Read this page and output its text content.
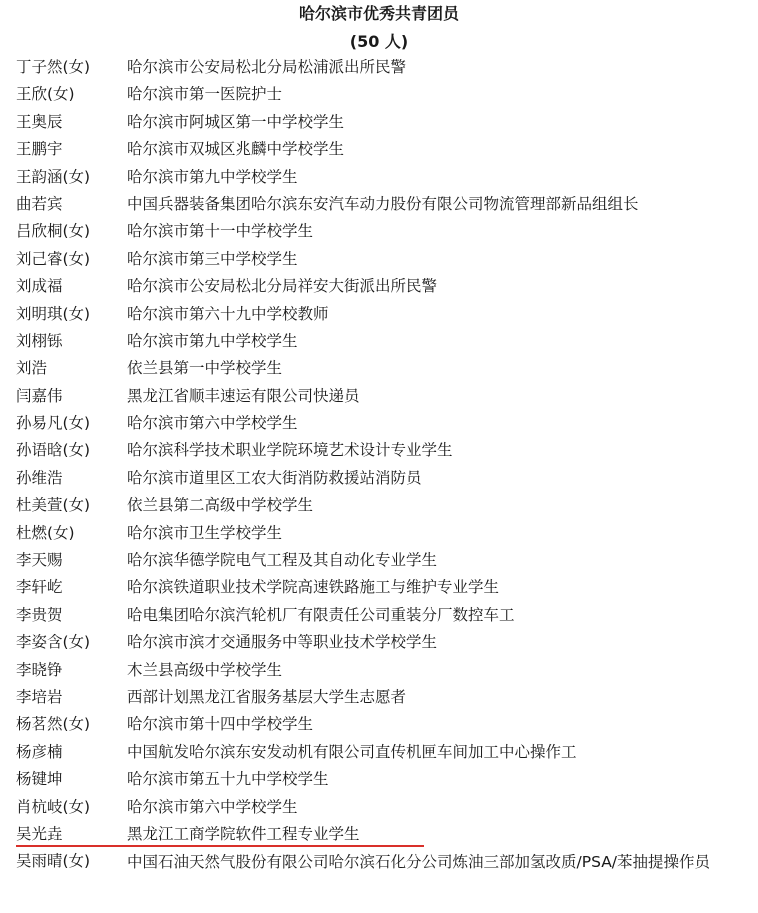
哈尔滨市优秀共青团员
(50 人)
丁子然(女) 哈尔滨市公安局松北分局松浦派出所民警
王欣(女)	哈尔滨市第一医院护士
王奥辰	哈尔滨市阿城区第一中学校学生
王鹏宇	哈尔滨市双城区兆麟中学校学生
王韵涵(女) 哈尔滨市第九中学校学生
曲若宾	中国兵器装备集团哈尔滨东安汽车动力股份有限公司物流管理部新品组组长
吕欣桐(女) 哈尔滨市第十一中学校学生
刘己睿(女) 哈尔滨市第三中学校学生
刘成福	哈尔滨市公安局松北分局祥安大街派出所民警
刘明琪(女) 哈尔滨市第六十九中学校教师
刘栩铄	哈尔滨市第九中学校学生
刘浩	依兰县第一中学校学生
闫嘉伟	黑龙江省顺丰速运有限公司快递员
孙易凡(女) 哈尔滨市第六中学校学生
孙语晗(女) 哈尔滨科学技术职业学院环境艺术设计专业学生
孙维浩	哈尔滨市道里区工农大街消防救援站消防员
杜美萱(女) 依兰县第二高级中学校学生
杜燃(女)	哈尔滨市卫生学校学生
李天赐	哈尔滨华德学院电气工程及其自动化专业学生
李轩屹	哈尔滨铁道职业技术学院高速铁路施工与维护专业学生
李贵贺	哈电集团哈尔滨汽轮机厂有限责任公司重装分厂数控车工
李姿含(女) 哈尔滨市滨才交通服务中等职业技术学校学生
李晓铮	木兰县高级中学校学生
李培岩	西部计划黑龙江省服务基层大学生志愿者
杨茗然(女) 哈尔滨市第十四中学校学生
杨彦楠	中国航发哈尔滨东安发动机有限公司直传机匣车间加工中心操作工
杨键坤	哈尔滨市第五十九中学校学生
肖杭岐(女) 哈尔滨市第六中学校学生
吴光垚	黑龙江工商学院软件工程专业学生
吴雨晴(女) 中国石油天然气股份有限公司哈尔滨石化分公司炼油三部加氢改质/PSA/苯抽提操作员
